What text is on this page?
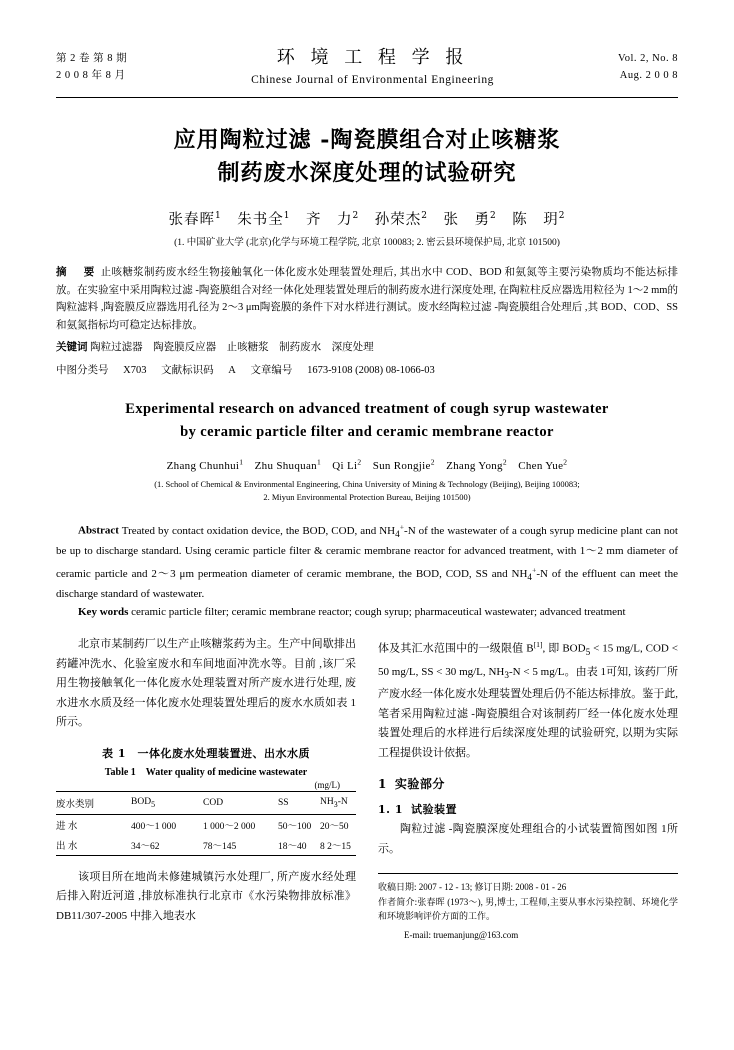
第 2 卷 第 8 期
2 0 0 8 年 8 月
环 境 工 程 学 报
Chinese Journal of Environmental Engineering
Vol. 2, No. 8
Aug. 2 0 0 8
应用陶粒过滤 -陶瓷膜组合对止咳糖浆
制药废水深度处理的试验研究
张春晖$^1$　朱书全$^1$　齐　力$^2$　孙荣杰$^2$　张　勇$^2$　陈　玥$^2$
(1. 中国矿业大学 (北京)化学与环境工程学院, 北京 100083; 2. 密云县环境保护局, 北京 101500)
摘　要 止咳糖浆制药废水经生物接触氧化一体化废水处理装置处理后, 其出水中 COD、BOD 和氨氮等主要污染物质均不能达标排放。在实验室中采用陶粒过滤 -陶瓷膜组合对经一体化处理装置处理后的制药废水进行深度处理, 在陶粒柱反应器选用粒径为 1～2 mm的陶粒滤料 ,陶瓷膜反应器选用孔径为 2～3 μm陶瓷膜的条件下对水样进行测试。废水经陶粒过滤 -陶瓷膜组合处理后 ,其 BOD、COD、SS和氨氮指标均可稳定达标排放。
关键词 陶粒过滤器　陶瓷膜反应器　止咳糖浆　制药废水　深度处理
中图分类号 X703 文献标识码 A 文章编号 1673-9108 (2008) 08-1066-03
Experimental research on advanced treatment of cough syrup wastewater
by ceramic particle filter and ceramic membrane reactor
Zhang Chunhui$^1$　Zhu Shuquan$^1$　Qi Li$^2$　Sun Rongjie$^2$　Zhang Yong$^2$　Chen Yue$^2$
(1. School of Chemical & Environmental Engineering, China University of Mining & Technology (Beijing), Beijing 100083;
2. Miyun Environmental Protection Bureau, Beijing 101500)

Abstract Treated by contact oxidation device, the BOD, COD, and $NH_4^+-N$ of the wastewater of a cough syrup medicine plant can not be up to discharge standard. Using ceramic particle filter & ceramic membrane reactor for advanced treatment, with 1～2 mm diameter of ceramic particle and 2～3 μm permeation diameter of ceramic membrane, the BOD, COD, SS and $NH_4^+-N$ of the effluent can meet the discharge standard of wastewater.

Key words ceramic particle filter; ceramic membrane reactor; cough syrup; pharmaceutical wastewater; advanced treatment

北京市某制药厂以生产止咳糖浆药为主。生产中间歇排出药罐冲洗水、化验室废水和车间地面冲洗水等。目前 ,该厂采用生物接触氧化一体化废水处理装置对所产废水进行处理, 废水进水水质及经一体化废水处理装置处理后的废水水质如表 1所示。

表 1　一体化废水处理装置进、出水水质
Table 1　Water quality of medicine wastewater
(mg/L)
废水类别	$BOD_5$	COD	SS	$NH_3-N$
进 水	400～1 000	1 000～2 000	50～100	20～50
出 水	34～62	78～145	18～40	8 2～15

该项目所在地尚未修建城镇污水处理厂, 所产废水经处理后排入附近河道 ,排放标准执行北京市《水污染物排放标准》DB11/307-2005 中排入地表水

体及其汇水范围中的一级限值 B[1], 即 $BOD_5 < 15$ mg/L, COD < 50 mg/L, SS < 30 mg/L, $NH_3-N < 5$ mg/L。由表 1可知, 该药厂所产废水经一体化废水处理装置处理后仍不能达标排放。鉴于此, 笔者采用陶粒过滤 -陶瓷膜组合对该制药厂经一体化废水处理装置处理后的水样进行后续深度处理的试验研究, 以期为实际工程提供设计依据。

1 实验部分
1. 1 试验装置

陶粒过滤 -陶瓷膜深度处理组合的小试装置简图如图 1所示。

收稿日期: 2007 - 12 - 13; 修订日期: 2008 - 01 - 26
作者简介:张春晖 (1973～), 男,博士, 工程师,主要从事水污染控制、环境化学和环境影响评价方面的工作。
E-mail: truemanjung@163.com
